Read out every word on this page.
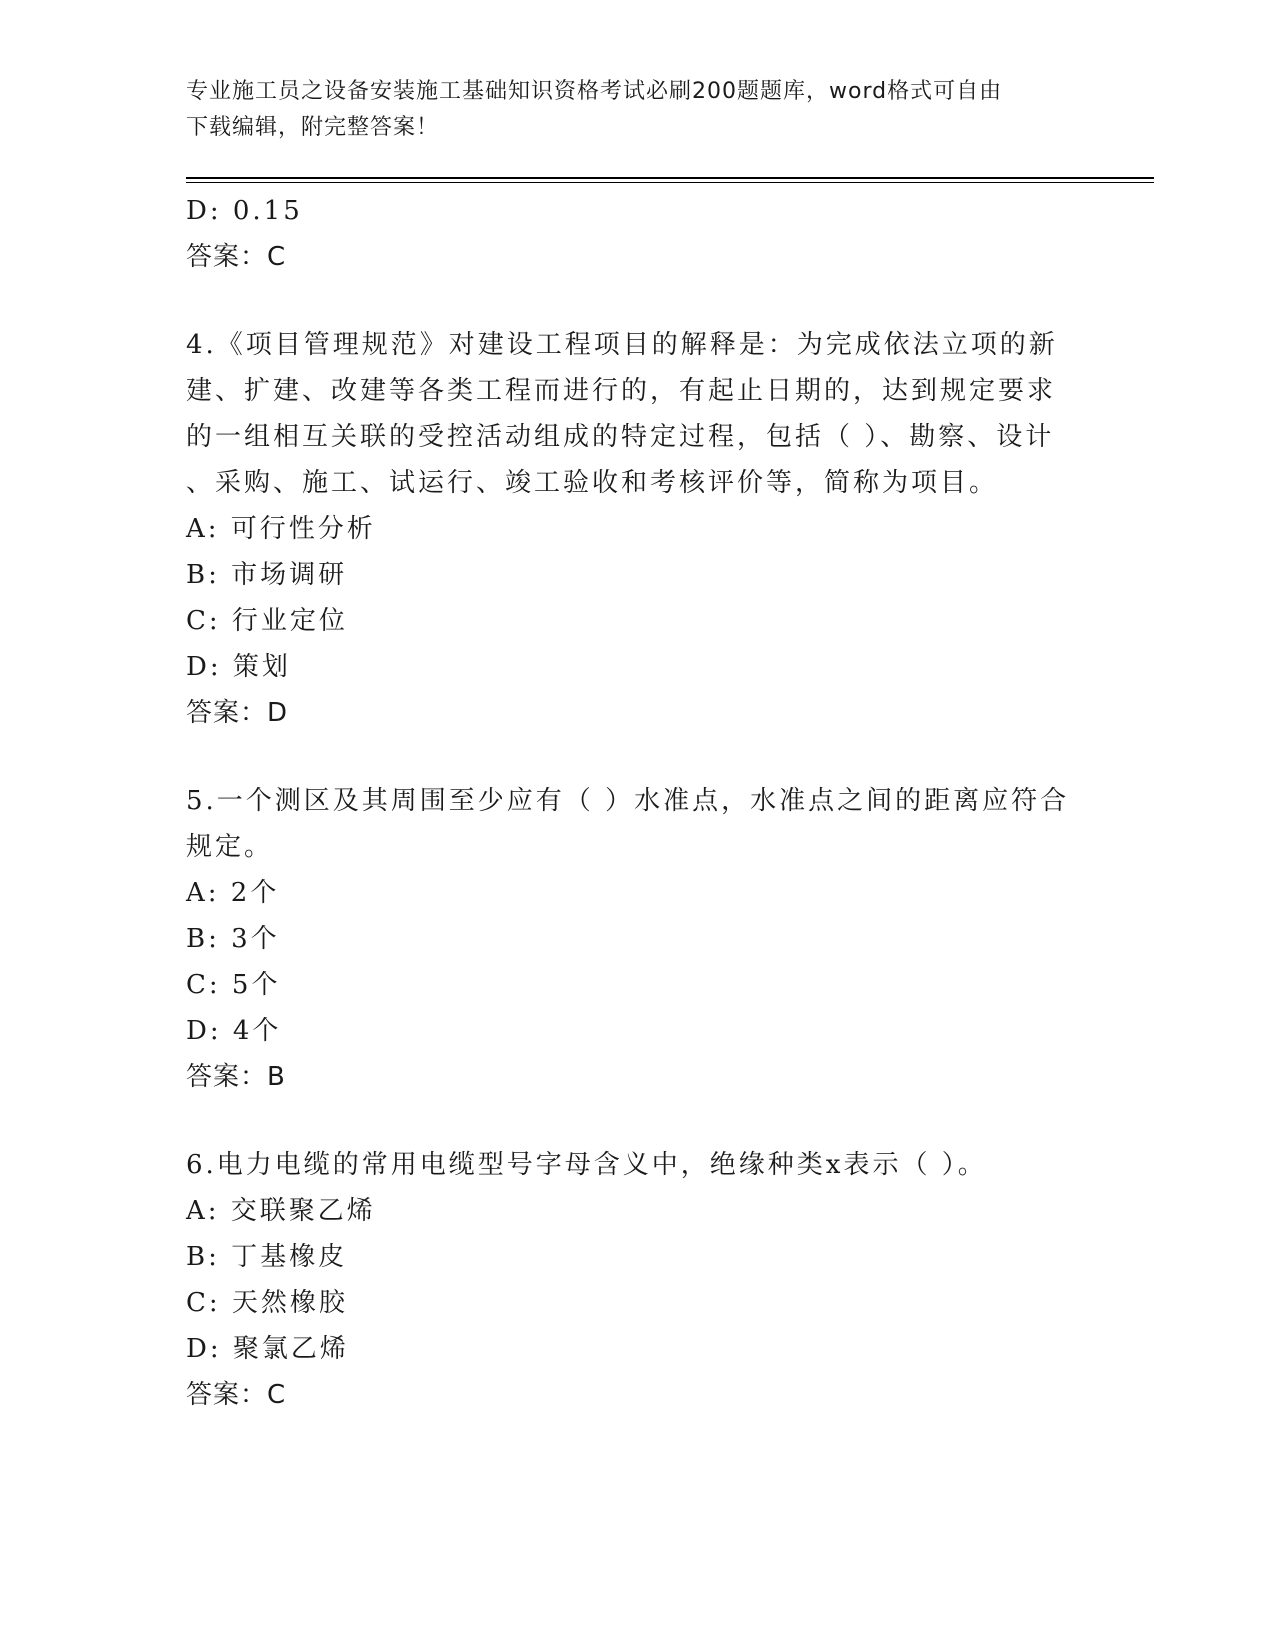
专业施工员之设备安装施工基础知识资格考试必刷200题题库，word格式可自由
下载编辑，附完整答案！
D: 0.15
答案：C
4.《项目管理规范》对建设工程项目的解释是：为完成依法立项的新
建、扩建、改建等各类工程而进行的，有起止日期的，达到规定要求
的一组相互关联的受控活动组成的特定过程，包括（ ）、勘察、设计
、采购、施工、试运行、竣工验收和考核评价等，简称为项目。
A: 可行性分析
B: 市场调研
C: 行业定位
D: 策划
答案：D
5.一个测区及其周围至少应有（ ）水准点，水准点之间的距离应符合
规定。
A: 2个
B: 3个
C: 5个
D: 4个
答案：B
6.电力电缆的常用电缆型号字母含义中，绝缘种类x表示（ ）。
A: 交联聚乙烯
B: 丁基橡皮
C: 天然橡胶
D: 聚氯乙烯
答案：C
